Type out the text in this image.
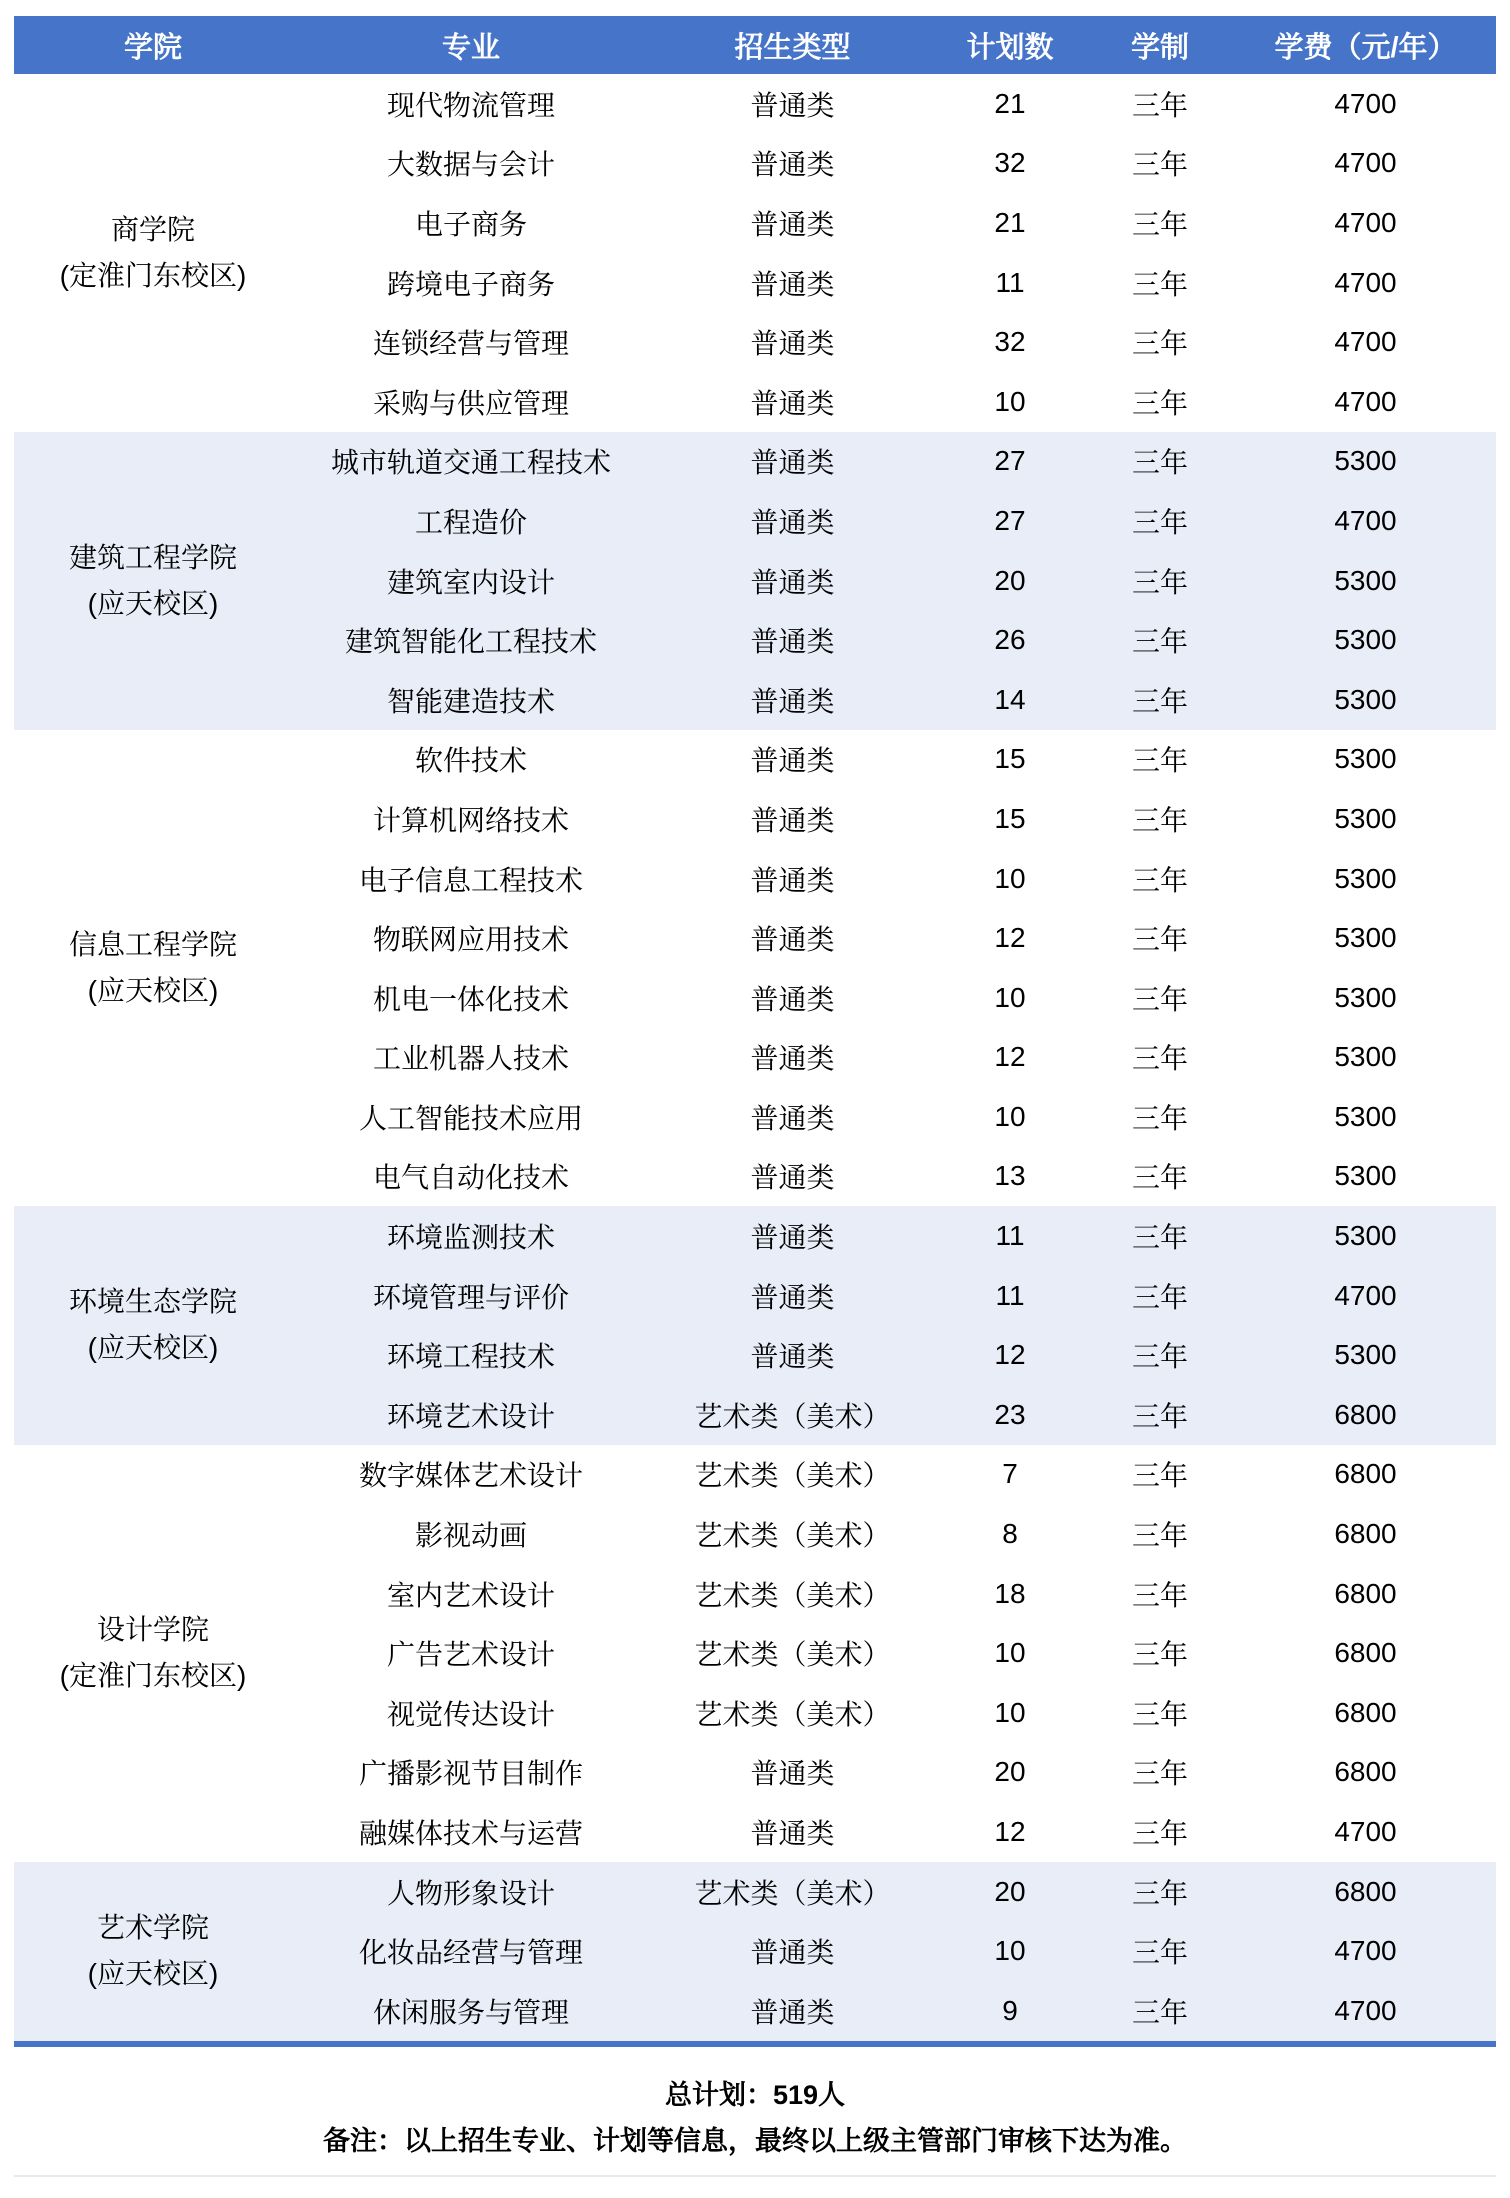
学院	专业	招生类型	计划数	学制	学费（元/年）

商学院
(定淮门东校区)	现代物流管理	普通类	21	三年	4700
	大数据与会计	普通类	32	三年	4700
	电子商务	普通类	21	三年	4700
	跨境电子商务	普通类	11	三年	4700
	连锁经营与管理	普通类	32	三年	4700
	采购与供应管理	普通类	10	三年	4700

建筑工程学院
(应天校区)	城市轨道交通工程技术	普通类	27	三年	5300
	工程造价	普通类	27	三年	4700
	建筑室内设计	普通类	20	三年	5300
	建筑智能化工程技术	普通类	26	三年	5300
	智能建造技术	普通类	14	三年	5300

信息工程学院
(应天校区)	软件技术	普通类	15	三年	5300
	计算机网络技术	普通类	15	三年	5300
	电子信息工程技术	普通类	10	三年	5300
	物联网应用技术	普通类	12	三年	5300
	机电一体化技术	普通类	10	三年	5300
	工业机器人技术	普通类	12	三年	5300
	人工智能技术应用	普通类	10	三年	5300
	电气自动化技术	普通类	13	三年	5300

环境生态学院
(应天校区)	环境监测技术	普通类	11	三年	5300
	环境管理与评价	普通类	11	三年	4700
	环境工程技术	普通类	12	三年	5300
	环境艺术设计	艺术类（美术）	23	三年	6800

设计学院
(定淮门东校区)	数字媒体艺术设计	艺术类（美术）	7	三年	6800
	影视动画	艺术类（美术）	8	三年	6800
	室内艺术设计	艺术类（美术）	18	三年	6800
	广告艺术设计	艺术类（美术）	10	三年	6800
	视觉传达设计	艺术类（美术）	10	三年	6800
	广播影视节目制作	普通类	20	三年	6800
	融媒体技术与运营	普通类	12	三年	4700

艺术学院
(应天校区)	人物形象设计	艺术类（美术）	20	三年	6800
	化妆品经营与管理	普通类	10	三年	4700
	休闲服务与管理	普通类	9	三年	4700
总计划：519人
备注：以上招生专业、计划等信息，最终以上级主管部门审核下达为准。
